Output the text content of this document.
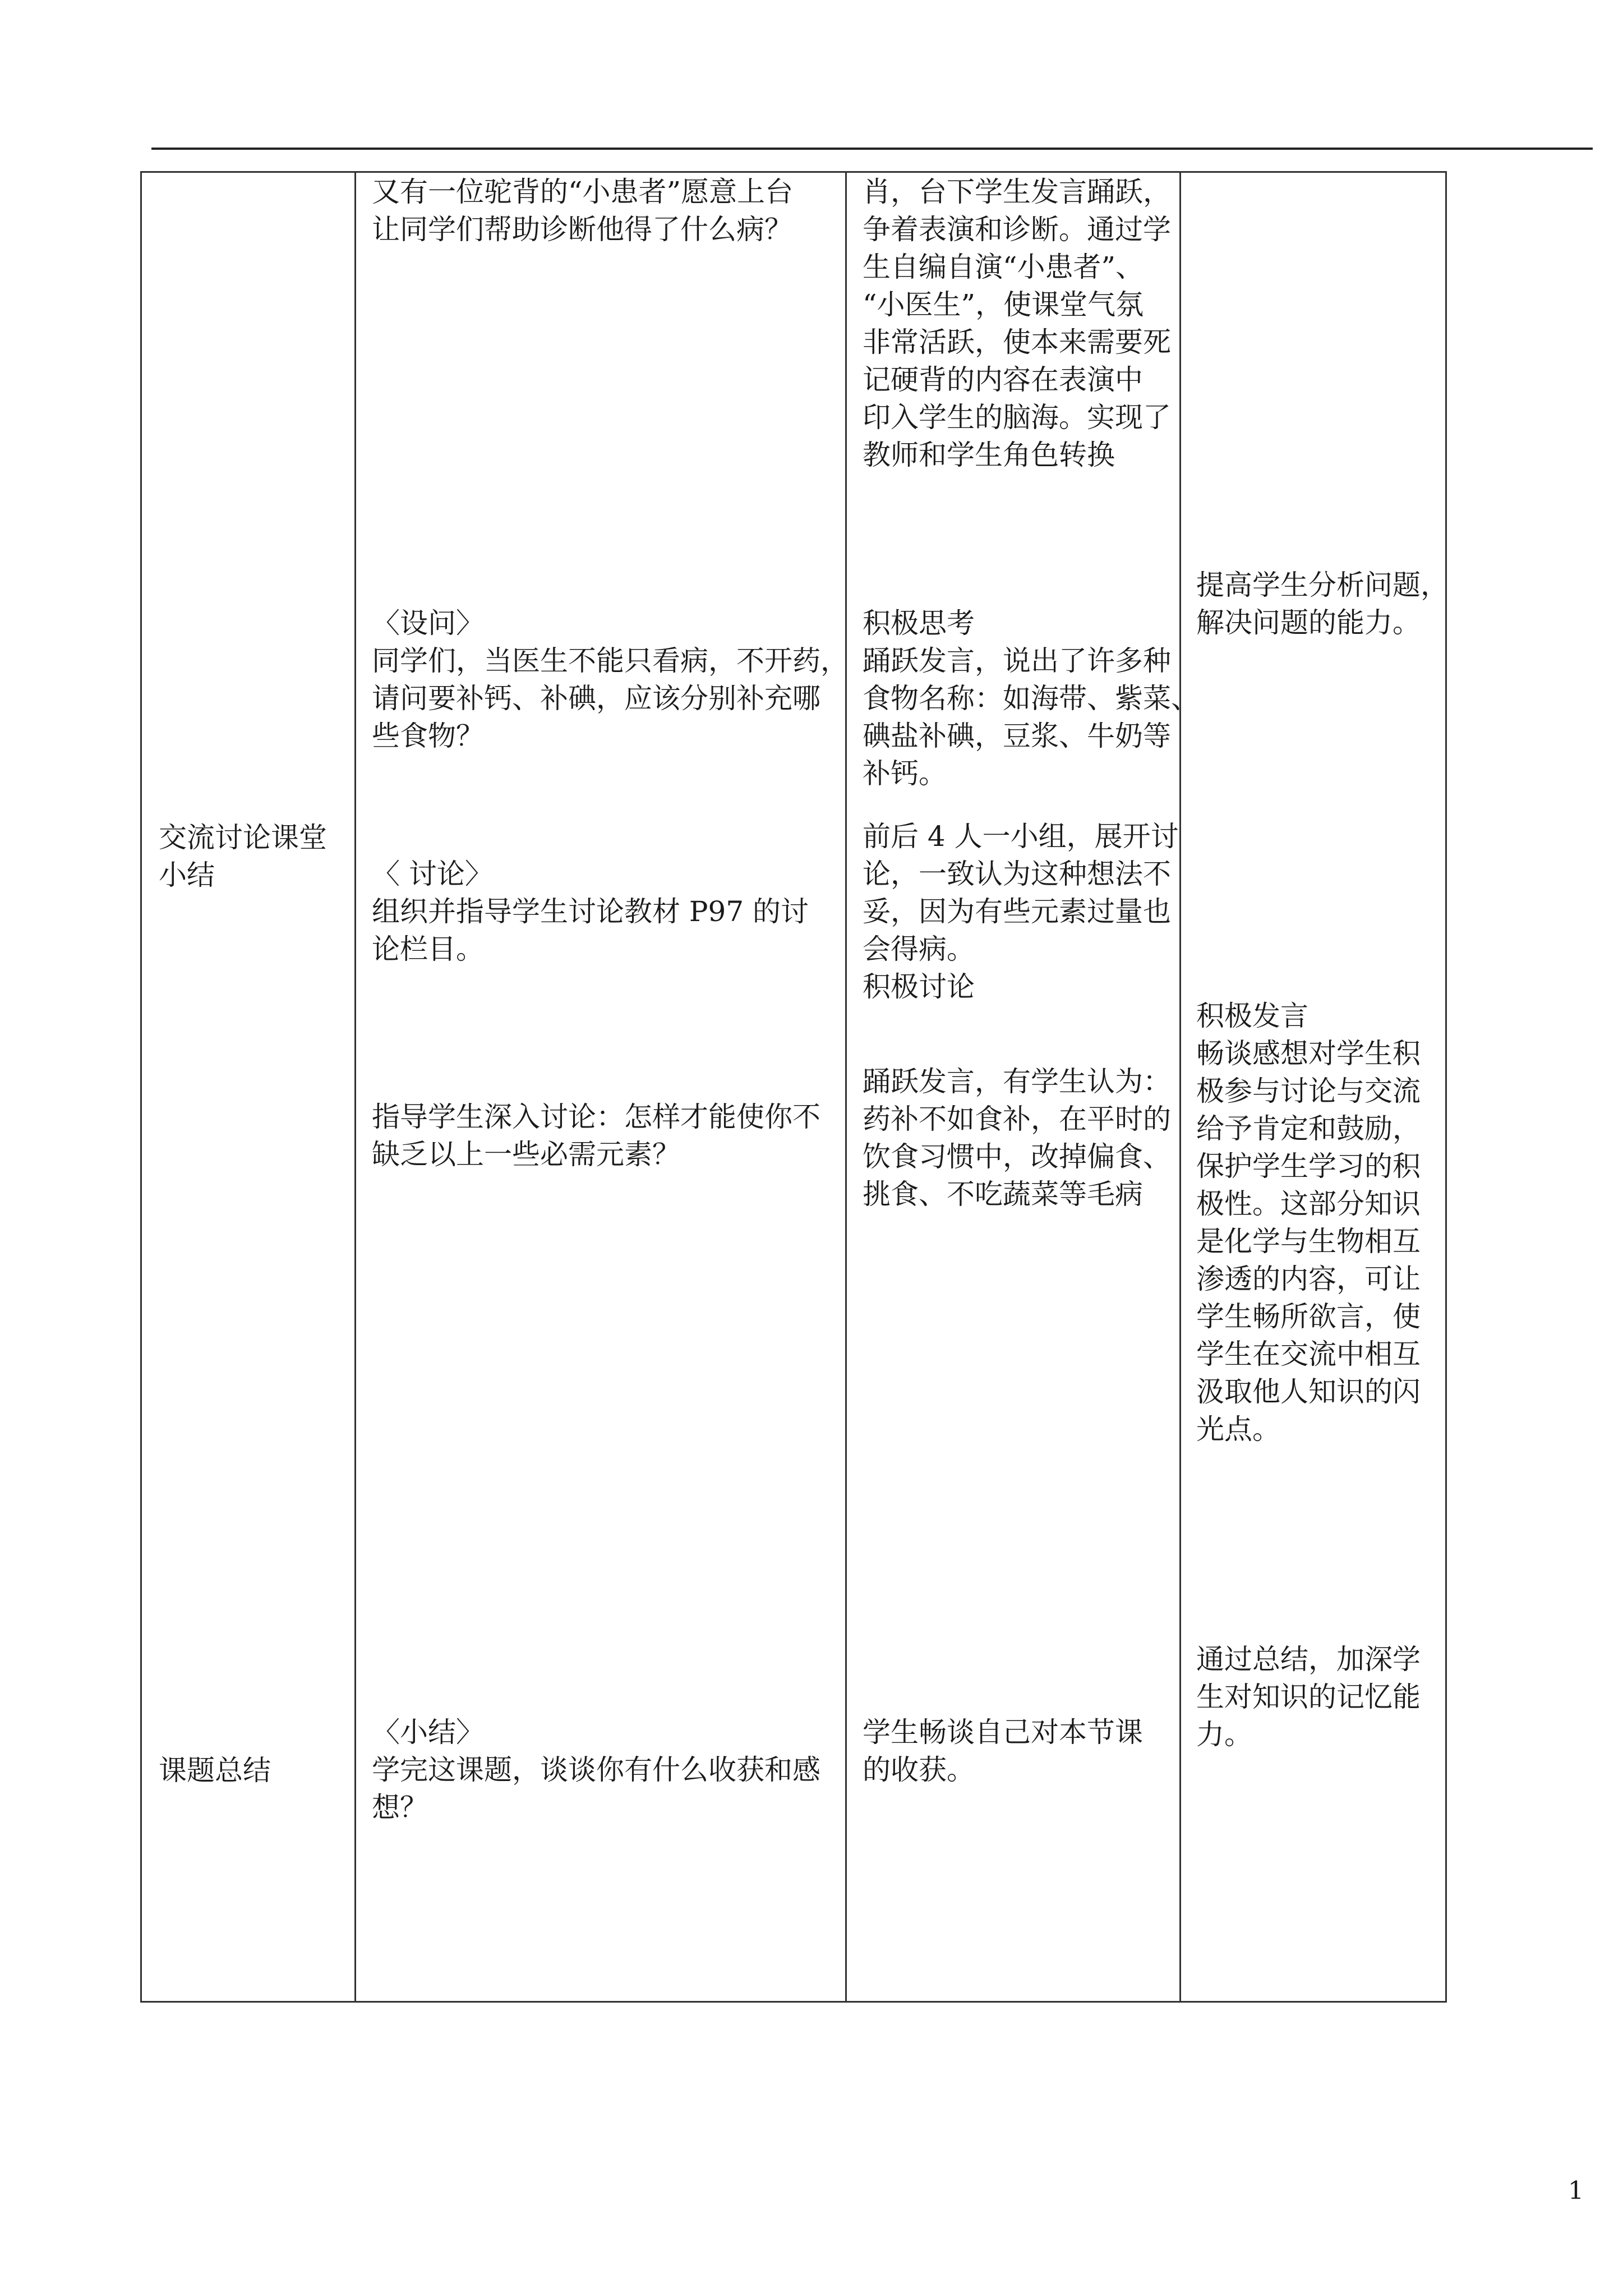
又有一位驼背的“小患者”愿意上台
让同学们帮助诊断他得了什么病？

肖，台下学生发言踊跃，
争着表演和诊断。通过学
生自编自演“小患者”、
“小医生”，使课堂气氛
非常活跃，使本来需要死
记硬背的内容在表演中
印入学生的脑海。实现了
教师和学生角色转换

交流讨论课堂
小结

〈设问〉
同学们，当医生不能只看病，不开药，
请问要补钙、补碘，应该分别补充哪
些食物？

积极思考
踊跃发言，说出了许多种
食物名称：如海带、紫菜、
碘盐补碘，豆浆、牛奶等
补钙。

提高学生分析问题，
解决问题的能力。

〈 讨论〉
组织并指导学生讨论教材 P97 的讨
论栏目。

前后 4 人一小组，展开讨
论，一致认为这种想法不
妥，因为有些元素过量也
会得病。
积极讨论

指导学生深入讨论：怎样才能使你不
缺乏以上一些必需元素？

踊跃发言，有学生认为：
药补不如食补，在平时的
饮食习惯中，改掉偏食、
挑食、不吃蔬菜等毛病

积极发言
畅谈感想对学生积
极参与讨论与交流
给予肯定和鼓励，
保护学生学习的积
极性。这部分知识
是化学与生物相互
渗透的内容，可让
学生畅所欲言，使
学生在交流中相互
汲取他人知识的闪
光点。

课题总结

〈小结〉
学完这课题，谈谈你有什么收获和感
想？

学生畅谈自己对本节课
的收获。

通过总结，加深学
生对知识的记忆能
力。

1
